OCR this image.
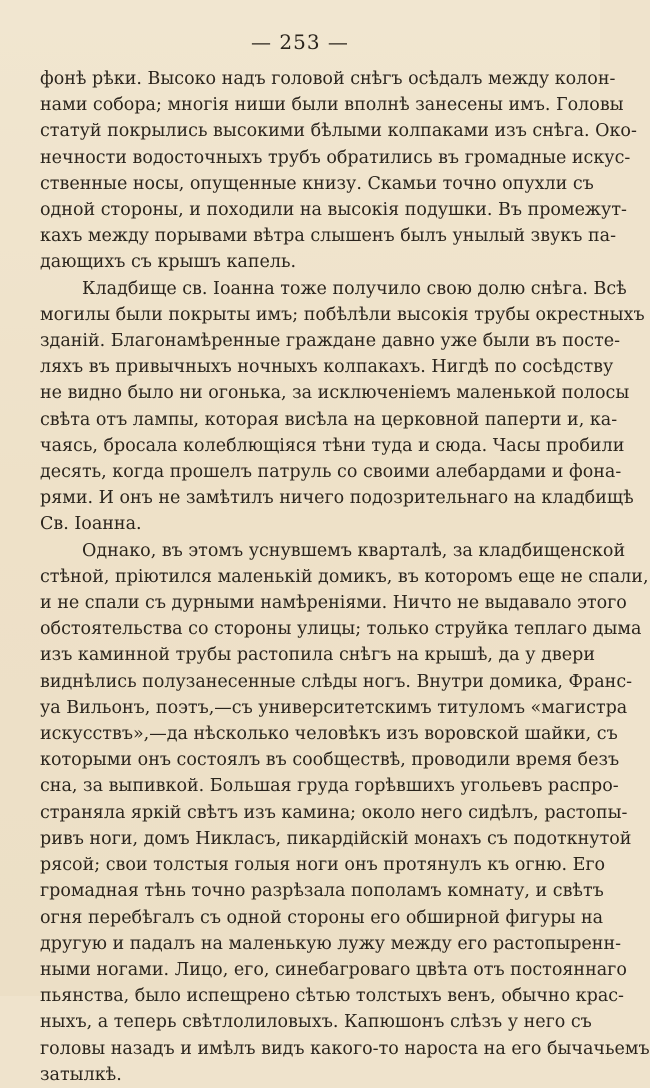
— 253 —

фонѣ рѣки. Высоко надъ головой снѣгъ осѣдалъ между колон-
нами собора; многія ниши были вполнѣ занесены имъ. Головы
статуй покрылись высокими бѣлыми колпаками изъ снѣга. Око-
нечности водосточныхъ трубъ обратились въ громадные искус-
ственные носы, опущенные книзу. Скамьи точно опухли съ
одной стороны, и походили на высокія подушки. Въ промежут-
кахъ между порывами вѣтра слышенъ былъ унылый звукъ па-
дающихъ съ крышъ капель.

Кладбище св. Іоанна тоже получило свою долю снѣга. Всѣ
могилы были покрыты имъ; побѣлѣли высокія трубы окрестныхъ
зданій. Благонамѣренные граждане давно уже были въ посте-
ляхъ въ привычныхъ ночныхъ колпакахъ. Нигдѣ по сосѣдству
не видно было ни огонька, за исключеніемъ маленькой полосы
свѣта отъ лампы, которая висѣла на церковной паперти и, ка-
чаясь, бросала колеблющіяся тѣни туда и сюда. Часы пробили
десять, когда прошелъ патруль со своими алебардами и фона-
рями. И онъ не замѣтилъ ничего подозрительнаго на кладбищѣ
Св. Іоанна.

Однако, въ этомъ уснувшемъ кварталѣ, за кладбищенской
стѣной, пріютился маленькій домикъ, въ которомъ еще не спали,
и не спали съ дурными намѣреніями. Ничто не выдавало этого
обстоятельства со стороны улицы; только струйка теплаго дыма
изъ каминной трубы растопила снѣгъ на крышѣ, да у двери
виднѣлись полузанесенные слѣды ногъ. Внутри домика, Франс-
уа Вильонъ, поэтъ,—съ университетскимъ титуломъ «магистра
искусствъ»,—да нѣсколько человѣкъ изъ воровской шайки, съ
которыми онъ состоялъ въ сообществѣ, проводили время безъ
сна, за выпивкой. Большая груда горѣвшихъ угольевъ распро-
страняла яркій свѣтъ изъ камина; около него сидѣлъ, растопы-
ривъ ноги, домъ Никласъ, пикардійскій монахъ съ подоткнутой
рясой; свои толстыя голыя ноги онъ протянулъ къ огню. Его
громадная тѣнь точно разрѣзала пополамъ комнату, и свѣтъ
огня перебѣгалъ съ одной стороны его обширной фигуры на
другую и падалъ на маленькую лужу между его растопыренн-
ными ногами. Лицо, его, синебагроваго цвѣта отъ постояннаго
пьянства, было испещрено сѣтью толстыхъ венъ, обычно крас-
ныхъ, а теперь свѣтлолиловыхъ. Капюшонъ слѣзъ у него съ
головы назадъ и имѣлъ видъ какого-то нароста на его бычачьемъ
затылкѣ.
